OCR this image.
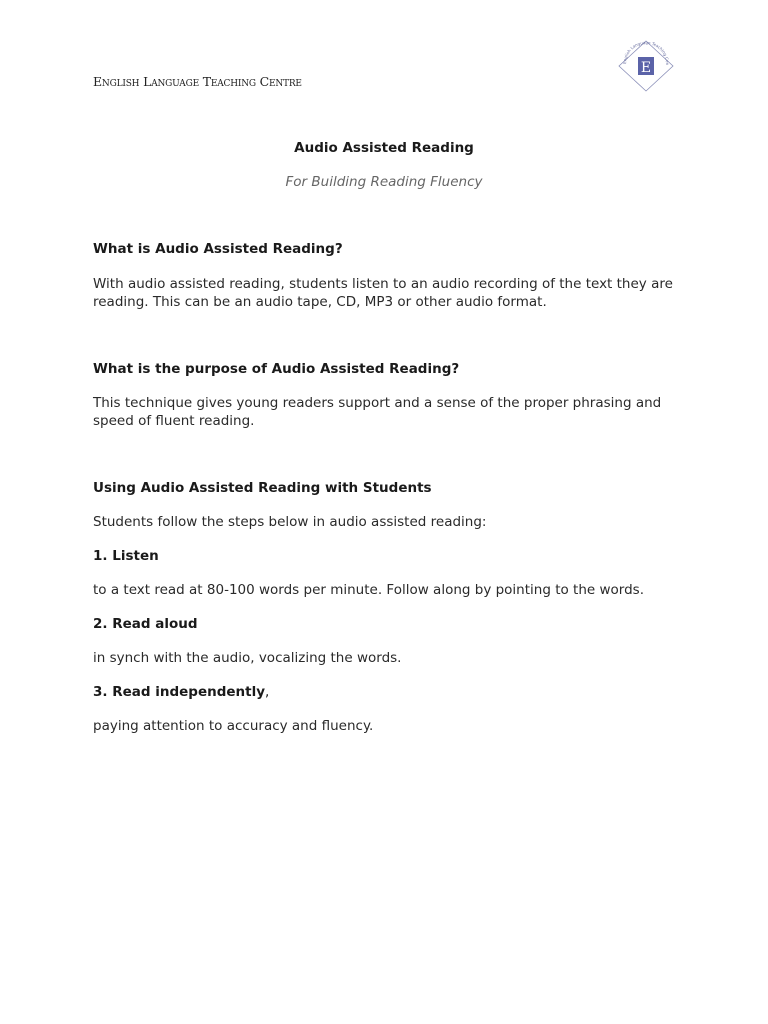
English Language Teaching Centre
E
English Language Teaching Cen
Audio Assisted Reading
For Building Reading Fluency
What is Audio Assisted Reading?
With audio assisted reading, students listen to an audio recording of the text they are reading. This can be an audio tape, CD, MP3 or other audio format.
What is the purpose of Audio Assisted Reading?
This technique gives young readers support and a sense of the proper phrasing and speed of fluent reading.
Using Audio Assisted Reading with Students
Students follow the steps below in audio assisted reading:
1. Listen
to a text read at 80-100 words per minute. Follow along by pointing to the words.
2. Read aloud
in synch with the audio, vocalizing the words.
3. Read independently,
paying attention to accuracy and fluency.
